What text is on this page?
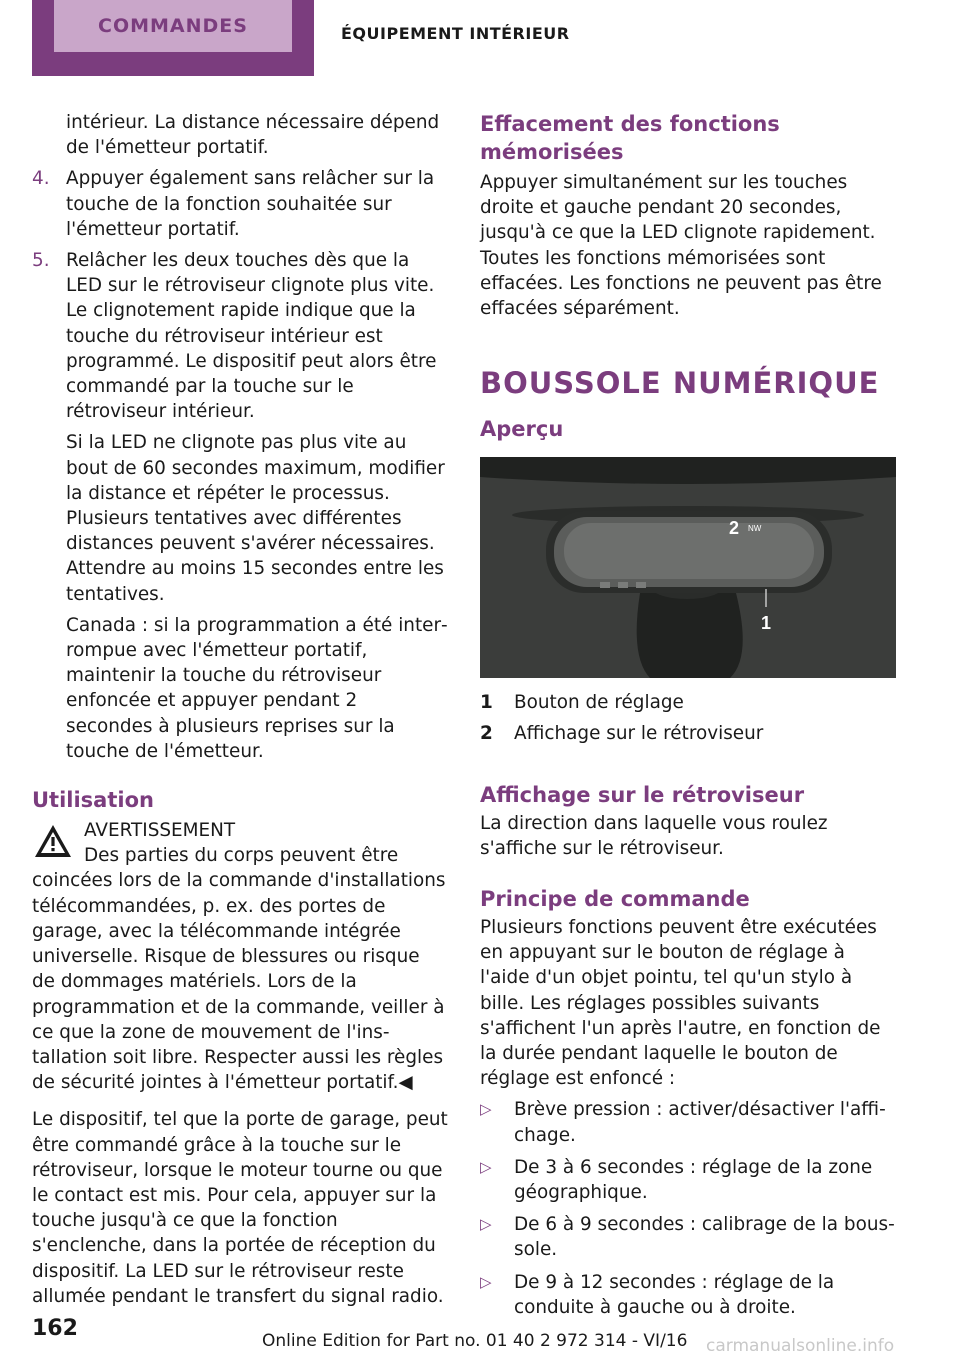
COMMANDES	ÉQUIPEMENT INTÉRIEUR

intérieur. La distance nécessaire dépend de l'émetteur portatif.

4. Appuyer également sans relâcher sur la touche de la fonction souhaitée sur l'émetteur portatif.

5. Relâcher les deux touches dès que la LED sur le rétroviseur clignote plus vite. Le clignotement rapide indique que la touche du rétroviseur intérieur est programmé. Le dispositif peut alors être commandé par la touche sur le rétroviseur intérieur.

Si la LED ne clignote pas plus vite au bout de 60 secondes maximum, modifier la distance et répéter le processus. Plusieurs tentatives avec différentes distances peuvent s'avérer nécessaires. Attendre au moins 15 secondes entre les tentatives.

Canada : si la programmation a été interrompue avec l'émetteur portatif, maintenir la touche du rétroviseur enfoncée et appuyer pendant 2 secondes à plusieurs reprises sur la touche de l'émetteur.

Utilisation

AVERTISSEMENT

Des parties du corps peuvent être coincées lors de la commande d'installations télécommandées, p. ex. des portes de garage, avec la télécommande intégrée universelle. Risque de blessures ou risque de dommages matériels. Lors de la programmation et de la commande, veiller à ce que la zone de mouvement de l'installation soit libre. Respecter aussi les règles de sécurité jointes à l'émetteur portatif.◀

Le dispositif, tel que la porte de garage, peut être commandé grâce à la touche sur le rétroviseur, lorsque le moteur tourne ou que le contact est mis. Pour cela, appuyer sur la touche jusqu'à ce que la fonction s'enclenche, dans la portée de réception du dispositif. La LED sur le rétroviseur reste allumée pendant le transfert du signal radio.

Effacement des fonctions mémorisées

Appuyer simultanément sur les touches droite et gauche pendant 20 secondes, jusqu'à ce que la LED clignote rapidement. Toutes les fonctions mémorisées sont effacées. Les fonctions ne peuvent pas être effacées séparément.

BOUSSOLE NUMÉRIQUE
Aperçu
2 NW
1
1	Bouton de réglage
2	Affichage sur le rétroviseur
Affichage sur le rétroviseur

La direction dans laquelle vous roulez s'affiche sur le rétroviseur.

Principe de commande

Plusieurs fonctions peuvent être exécutées en appuyant sur le bouton de réglage à l'aide d'un objet pointu, tel qu'un stylo à bille. Les réglages possibles suivants s'affichent l'un après l'autre, en fonction de la durée pendant laquelle le bouton de réglage est enfoncé :

▷ Brève pression : activer/désactiver l'affichage.

▷ De 3 à 6 secondes : réglage de la zone géographique.

▷ De 6 à 9 secondes : calibrage de la boussole.

▷ De 9 à 12 secondes : réglage de la conduite à gauche ou à droite.

162	Online Edition for Part no. 01 40 2 972 314 - VI/16 carmanualsonline.info
